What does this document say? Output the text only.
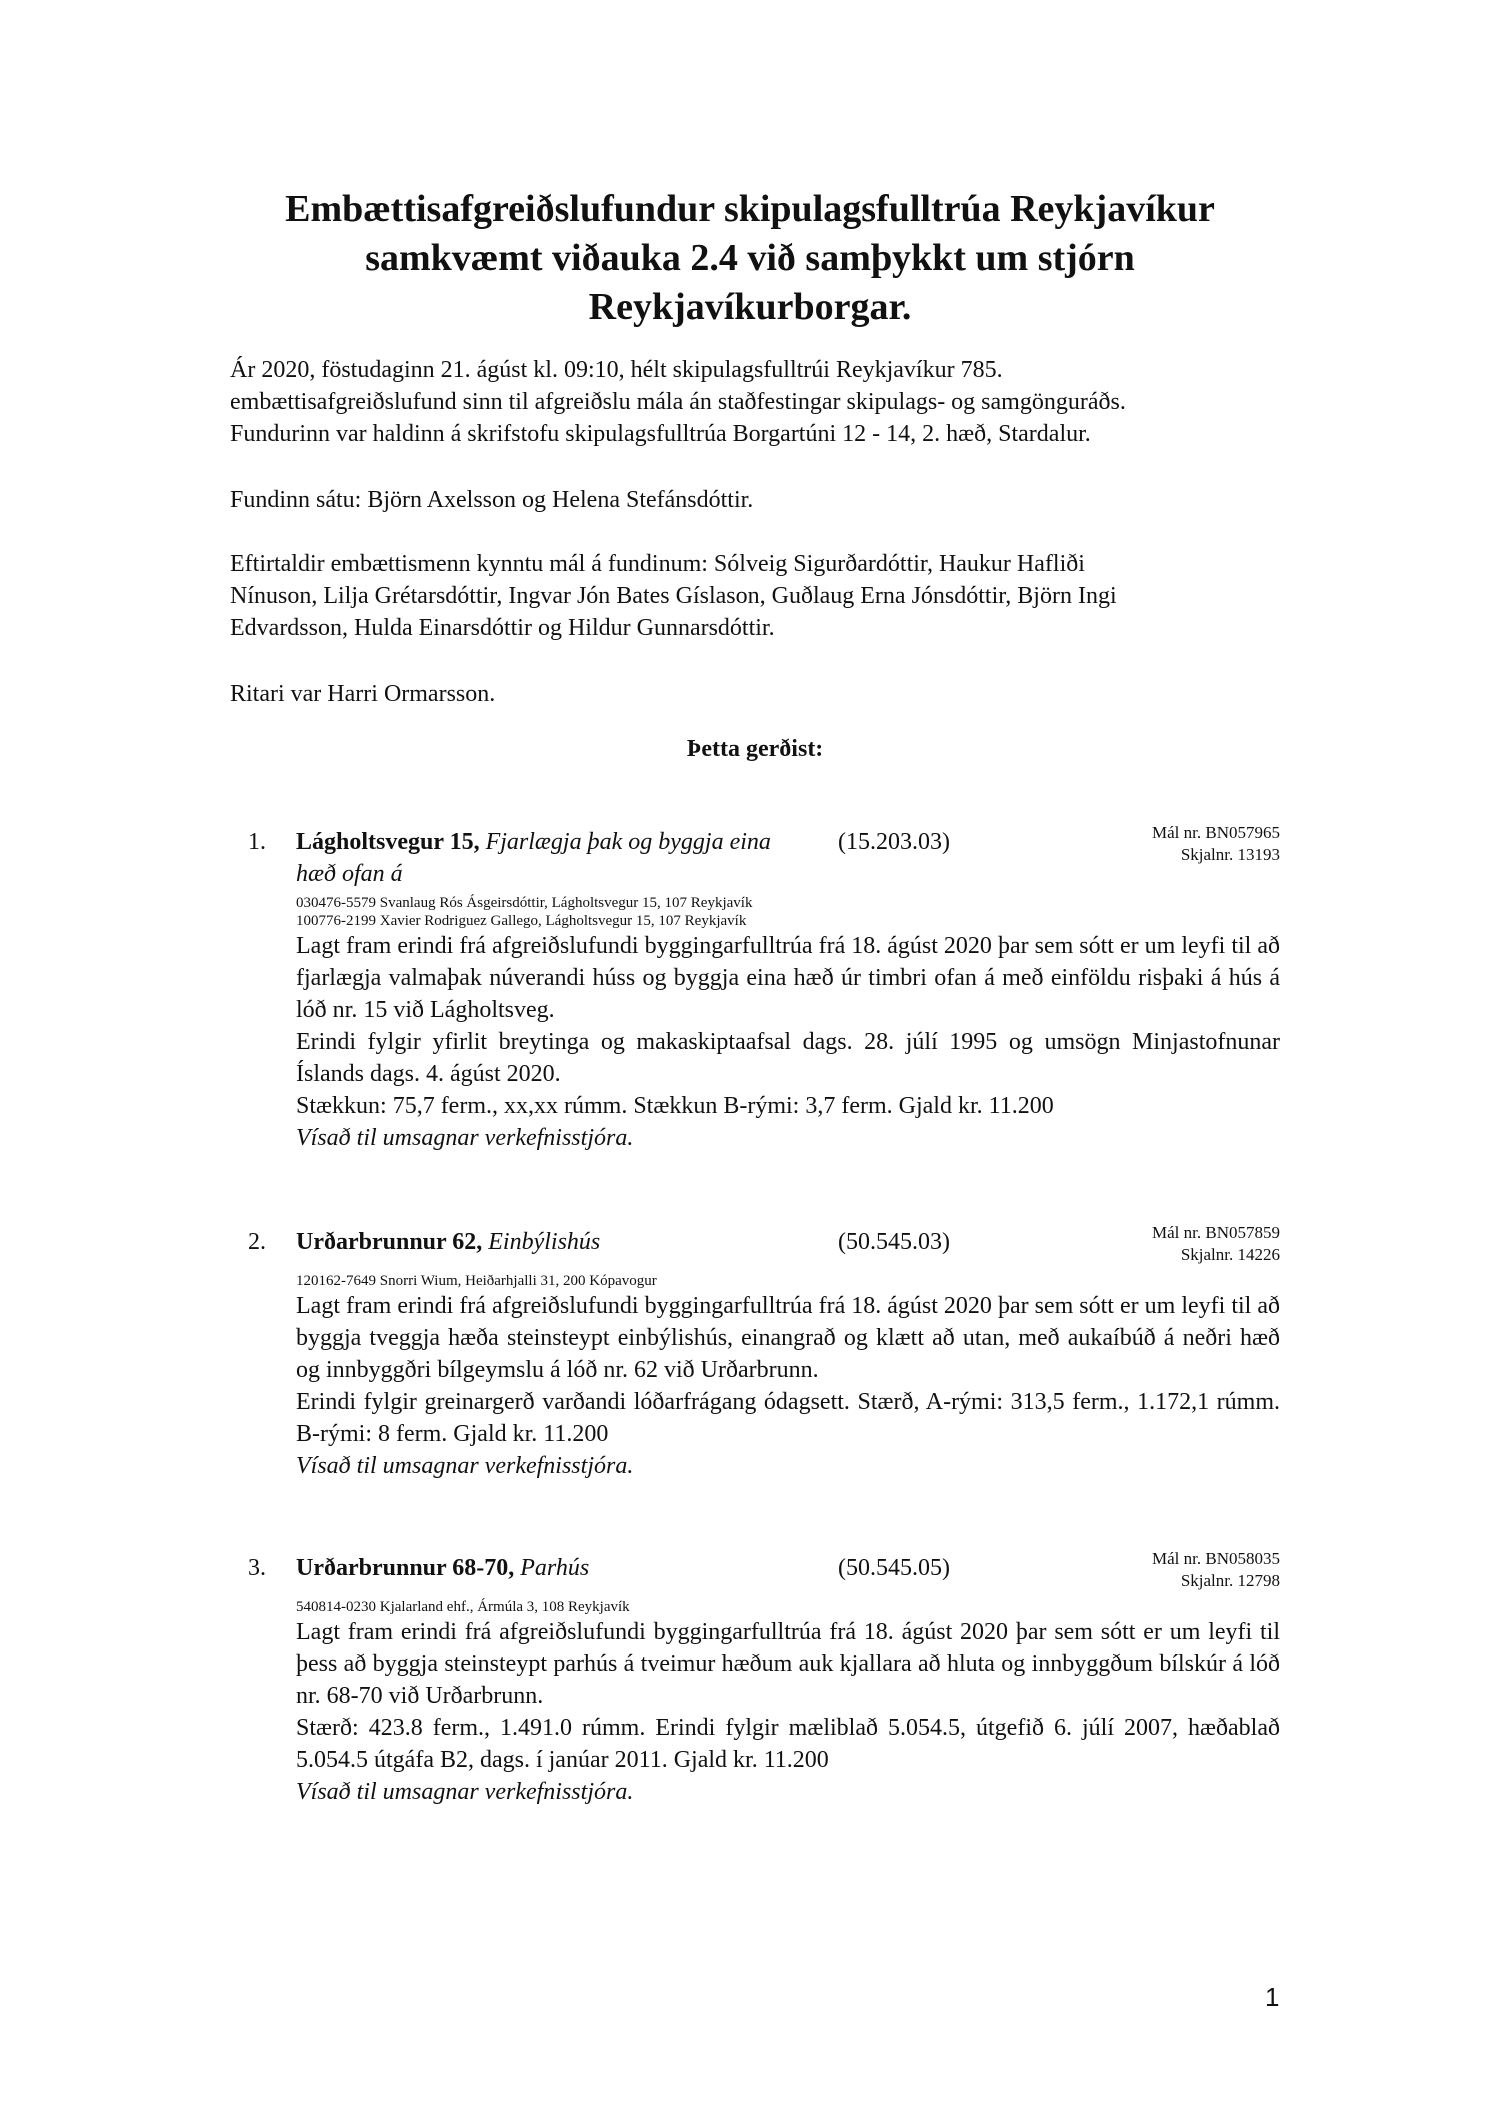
Embættisafgreiðslufundur skipulagsfulltrúa Reykjavíkur
samkvæmt viðauka 2.4 við samþykkt um stjórn
Reykjavíkurborgar.
Ár 2020, föstudaginn 21. ágúst kl. 09:10, hélt skipulagsfulltrúi Reykjavíkur 785.
embættisafgreiðslufund sinn til afgreiðslu mála án staðfestingar skipulags- og samgönguráðs.
Fundurinn var haldinn á skrifstofu skipulagsfulltrúa Borgartúni 12 - 14, 2. hæð, Stardalur.
Fundinn sátu: Björn Axelsson og Helena Stefánsdóttir.
Eftirtaldir embættismenn kynntu mál á fundinum: Sólveig Sigurðardóttir, Haukur Hafliði
Nínuson, Lilja Grétarsdóttir, Ingvar Jón Bates Gíslason, Guðlaug Erna Jónsdóttir, Björn Ingi
Edvardsson, Hulda Einarsdóttir og Hildur Gunnarsdóttir.
Ritari var Harri Ormarsson.
Þetta gerðist:
1. Lágholtsvegur 15, Fjarlægja þak og byggja eina hæð ofan á
(15.203.03)	Mál nr. BN057965
Skjalnr. 13193
030476-5579 Svanlaug Rós Ásgeirsdóttir, Lágholtsvegur 15, 107 Reykjavík
100776-2199 Xavier Rodriguez Gallego, Lágholtsvegur 15, 107 Reykjavík
Lagt fram erindi frá afgreiðslufundi byggingarfulltrúa frá 18. ágúst 2020 þar sem sótt er um leyfi til að fjarlægja valmaþak núverandi húss og byggja eina hæð úr timbri ofan á með einföldu risþaki á hús á lóð nr. 15 við Lágholtsveg.
Erindi fylgir yfirlit breytinga og makaskiptaafsal dags. 28. júlí 1995 og umsögn Minjastofnunar Íslands dags. 4. ágúst 2020.
Stækkun: 75,7 ferm., xx,xx rúmm. Stækkun B-rými: 3,7 ferm. Gjald kr. 11.200
Vísað til umsagnar verkefnisstjóra.
2. Urðarbrunnur 62, Einbýlishús	(50.545.03)	Mál nr. BN057859
Skjalnr. 14226
120162-7649 Snorri Wium, Heiðarhjalli 31, 200 Kópavogur
Lagt fram erindi frá afgreiðslufundi byggingarfulltrúa frá 18. ágúst 2020 þar sem sótt er um leyfi til að byggja tveggja hæða steinsteypt einbýlishús, einangrað og klætt að utan, með aukaíbúð á neðri hæð og innbyggðri bílgeymslu á lóð nr. 62 við Urðarbrunn.
Erindi fylgir greinargerð varðandi lóðarfrágang ódagsett. Stærð, A-rými: 313,5 ferm., 1.172,1 rúmm. B-rými: 8 ferm. Gjald kr. 11.200
Vísað til umsagnar verkefnisstjóra.
3. Urðarbrunnur 68-70, Parhús	(50.545.05)	Mál nr. BN058035
Skjalnr. 12798
540814-0230 Kjalarland ehf., Ármúla 3, 108 Reykjavík
Lagt fram erindi frá afgreiðslufundi byggingarfulltrúa frá 18. ágúst 2020 þar sem sótt er um leyfi til þess að byggja steinsteypt parhús á tveimur hæðum auk kjallara að hluta og innbyggðum bílskúr á lóð nr. 68-70 við Urðarbrunn.
Stærð: 423.8 ferm., 1.491.0 rúmm. Erindi fylgir mæliblað 5.054.5, útgefið 6. júlí 2007, hæðablað 5.054.5 útgáfa B2, dags. í janúar 2011. Gjald kr. 11.200
Vísað til umsagnar verkefnisstjóra.
1
